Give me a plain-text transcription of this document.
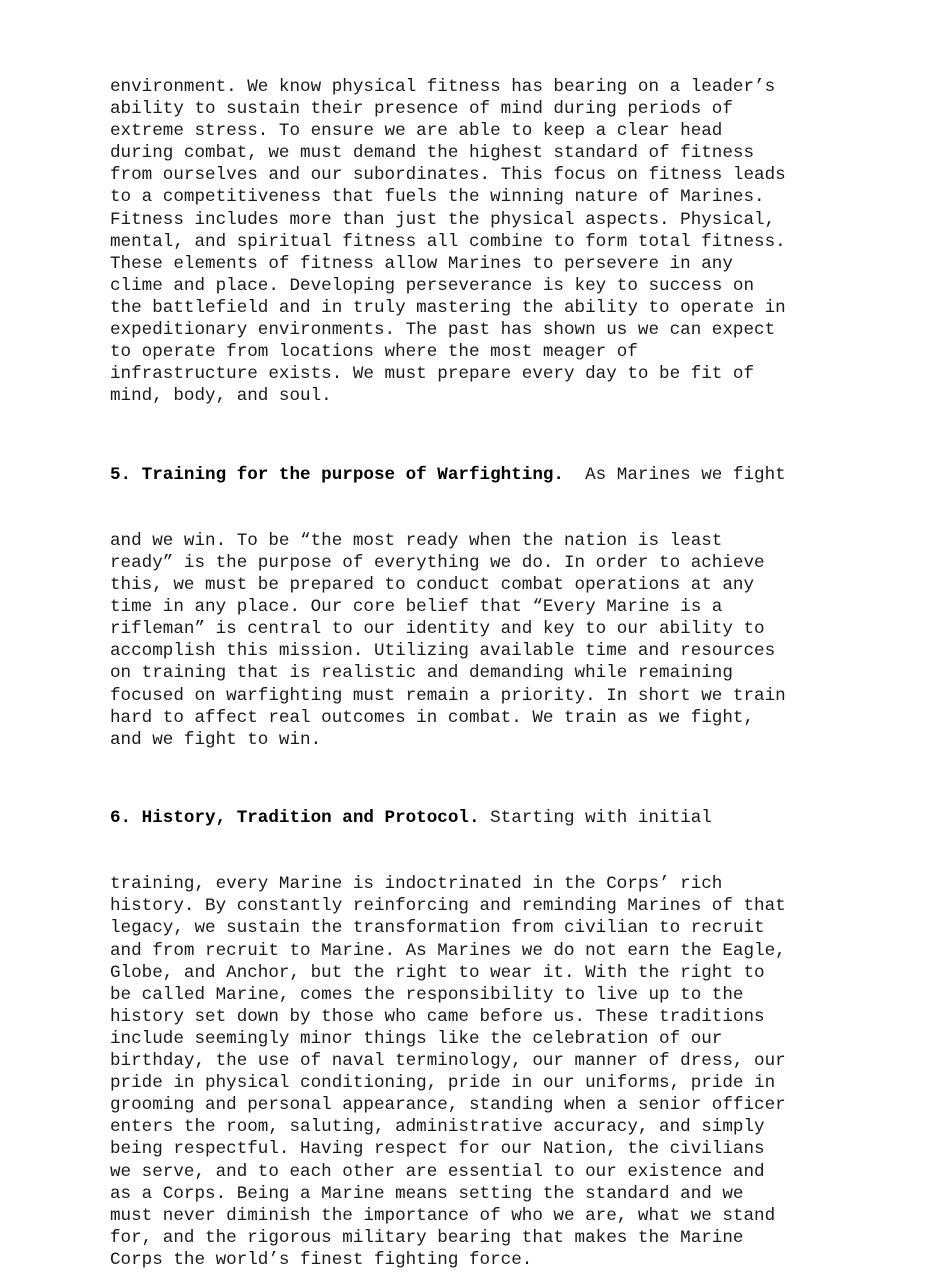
environment. We know physical fitness has bearing on a leader’s
ability to sustain their presence of mind during periods of
extreme stress. To ensure we are able to keep a clear head
during combat, we must demand the highest standard of fitness
from ourselves and our subordinates. This focus on fitness leads
to a competitiveness that fuels the winning nature of Marines.
Fitness includes more than just the physical aspects. Physical,
mental, and spiritual fitness all combine to form total fitness.
These elements of fitness allow Marines to persevere in any
clime and place. Developing perseverance is key to success on
the battlefield and in truly mastering the ability to operate in
expeditionary environments. The past has shown us we can expect
to operate from locations where the most meager of
infrastructure exists. We must prepare every day to be fit of
mind, body, and soul.

5. Training for the purpose of Warfighting.  As Marines we fight

and we win. To be “the most ready when the nation is least
ready” is the purpose of everything we do. In order to achieve
this, we must be prepared to conduct combat operations at any
time in any place. Our core belief that “Every Marine is a
rifleman” is central to our identity and key to our ability to
accomplish this mission. Utilizing available time and resources
on training that is realistic and demanding while remaining
focused on warfighting must remain a priority. In short we train
hard to affect real outcomes in combat. We train as we fight,
and we fight to win.

6. History, Tradition and Protocol. Starting with initial

training, every Marine is indoctrinated in the Corps’ rich
history. By constantly reinforcing and reminding Marines of that
legacy, we sustain the transformation from civilian to recruit
and from recruit to Marine. As Marines we do not earn the Eagle,
Globe, and Anchor, but the right to wear it. With the right to
be called Marine, comes the responsibility to live up to the
history set down by those who came before us. These traditions
include seemingly minor things like the celebration of our
birthday, the use of naval terminology, our manner of dress, our
pride in physical conditioning, pride in our uniforms, pride in
grooming and personal appearance, standing when a senior officer
enters the room, saluting, administrative accuracy, and simply
being respectful. Having respect for our Nation, the civilians
we serve, and to each other are essential to our existence and
as a Corps. Being a Marine means setting the standard and we
must never diminish the importance of who we are, what we stand
for, and the rigorous military bearing that makes the Marine
Corps the world’s finest fighting force.
